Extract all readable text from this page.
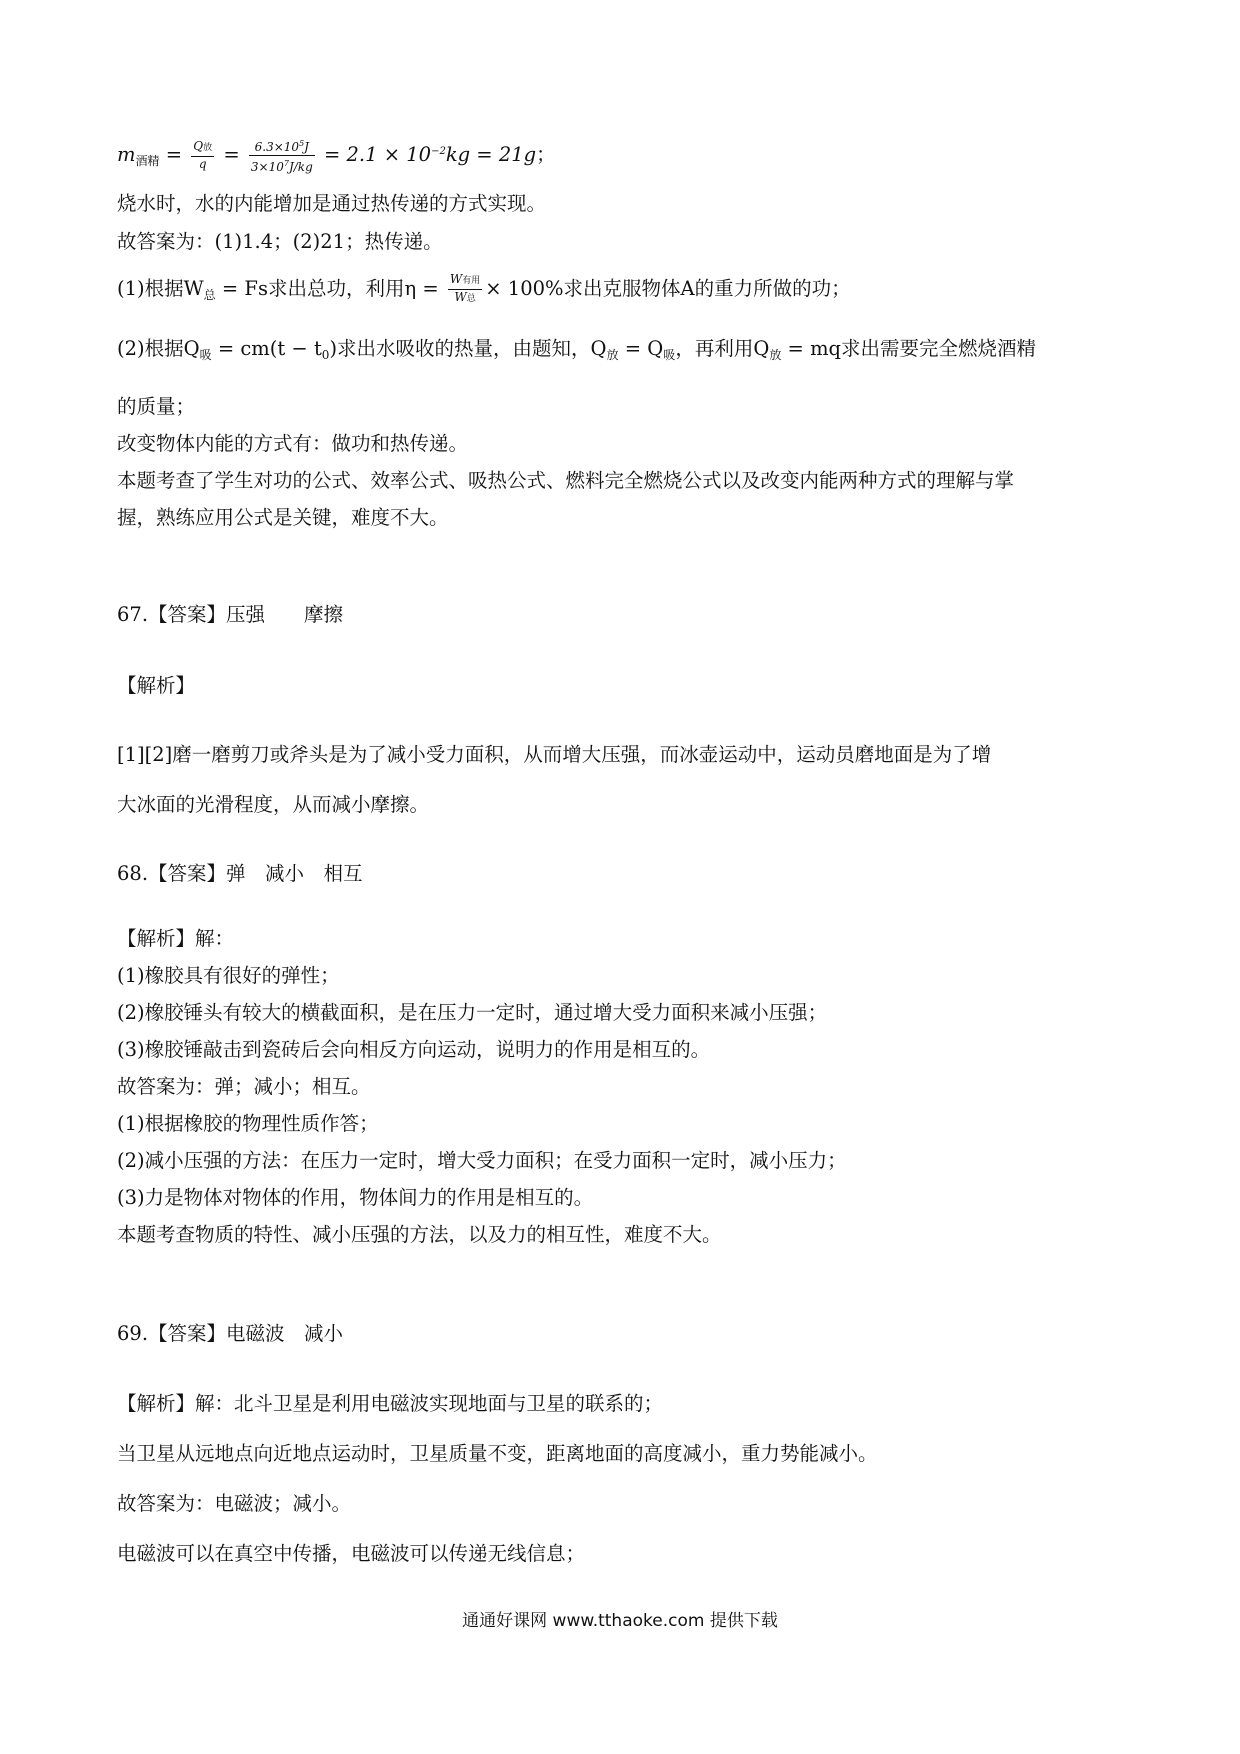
$m_{酒精} = \frac{\text{Q放}}{q} = \frac{6.3\times 10^5J}{3\times 10^7J/kg} = 2.1 \times 10^{-2}kg = 21g$；
烧水时，水的内能增加是通过热传递的方式实现。
故答案为：(1)1.4；(2)21；热传递。
(1)根据$W_总 = Fs$求出总功，利用$\eta = \frac{\text{W有用}}{\text{W总}} \times 100\%$求出克服物体A的重力所做的功；
(2)根据$Q_吸 = cm(t - t_0)$求出水吸收的热量，由题知，$Q_放 = Q_吸$，再利用$Q_放$ = mq求出需要完全燃烧酒精
的质量；
改变物体内能的方式有：做功和热传递。
本题考查了学生对功的公式、效率公式、吸热公式、燃料完全燃烧公式以及改变内能两种方式的理解与掌
握，熟练应用公式是关键，难度不大。
67.【答案】压强　　摩擦
【解析】
[1][2]磨一磨剪刀或斧头是为了减小受力面积，从而增大压强，而冰壶运动中，运动员磨地面是为了增
大冰面的光滑程度，从而减小摩擦。
68.【答案】弹　减小　相互
【解析】解：
(1)橡胶具有很好的弹性；
(2)橡胶锤头有较大的横截面积，是在压力一定时，通过增大受力面积来减小压强；
(3)橡胶锤敲击到瓷砖后会向相反方向运动，说明力的作用是相互的。
故答案为：弹；减小；相互。
(1)根据橡胶的物理性质作答；
(2)减小压强的方法：在压力一定时，增大受力面积；在受力面积一定时，减小压力；
(3)力是物体对物体的作用，物体间力的作用是相互的。
本题考查物质的特性、减小压强的方法，以及力的相互性，难度不大。
69.【答案】电磁波　减小
【解析】解：北斗卫星是利用电磁波实现地面与卫星的联系的；
当卫星从远地点向近地点运动时，卫星质量不变，距离地面的高度减小，重力势能减小。
故答案为：电磁波；减小。
电磁波可以在真空中传播，电磁波可以传递无线信息；
通通好课网 www.tthaoke.com 提供下载
